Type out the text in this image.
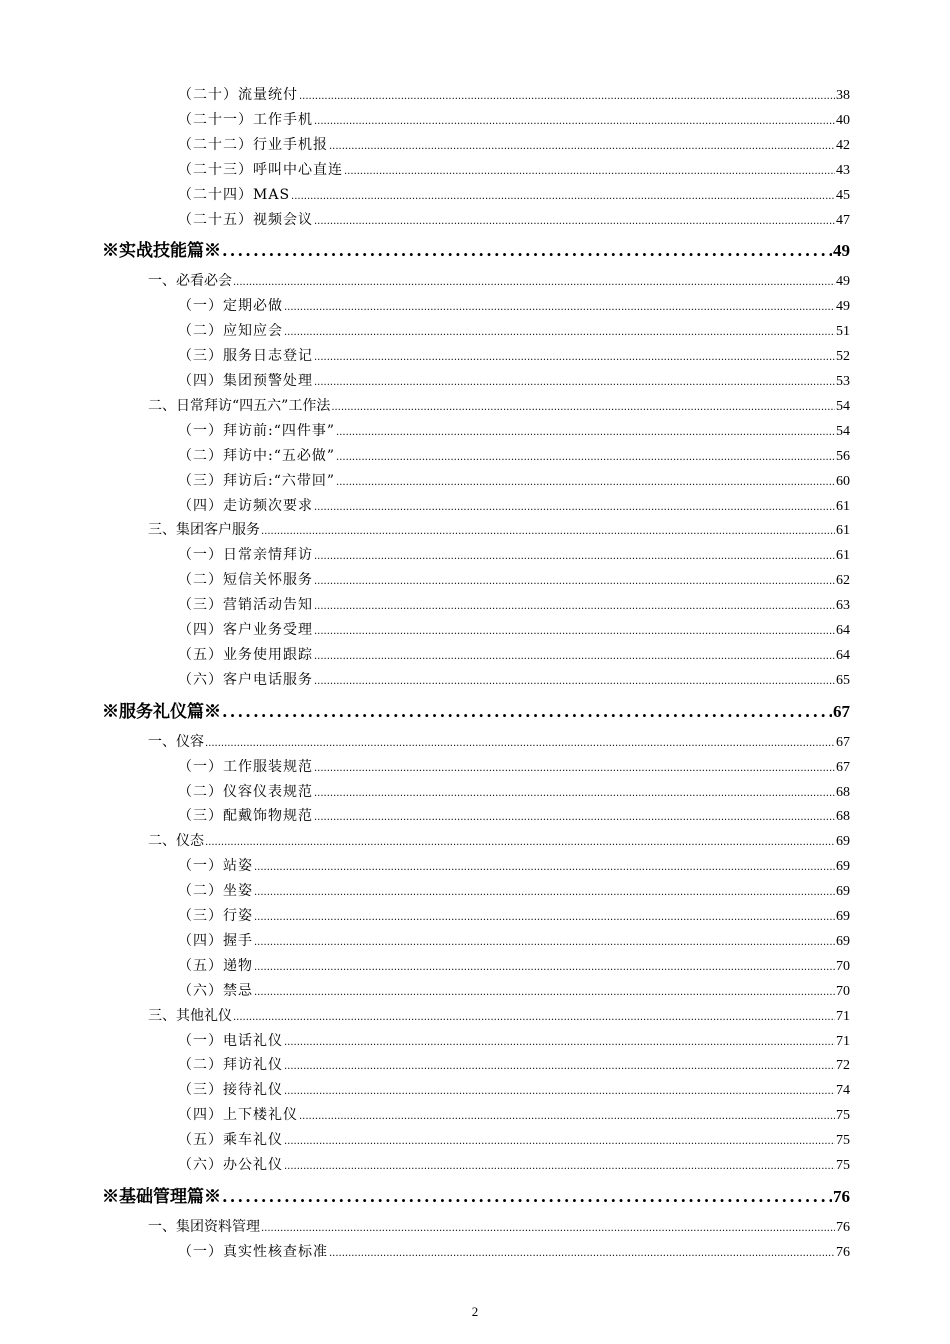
（二十）流量统付 .....	38
（二十一）工作手机 .....	40
（二十二）行业手机报 .....	42
（二十三）呼叫中心直连 .....	43
（二十四）MAS .....	45
（二十五）视频会议 .....	47
※实战技能篇※ .....	49
一、必看必会 .....	49
（一）定期必做 .....	49
（二）应知应会 .....	51
（三）服务日志登记 .....	52
（四）集团预警处理 .....	53
二、日常拜访“四五六”工作法 .....	54
（一）拜访前:“四件事” .....	54
（二）拜访中:“五必做” .....	56
（三）拜访后:“六带回” .....	60
（四）走访频次要求 .....	61
三、集团客户服务 .....	61
（一）日常亲情拜访 .....	61
（二）短信关怀服务 .....	62
（三）营销活动告知 .....	63
（四）客户业务受理 .....	64
（五）业务使用跟踪 .....	64
（六）客户电话服务 .....	65
※服务礼仪篇※ .....	67
一、仪容 .....	67
（一）工作服装规范 .....	67
（二）仪容仪表规范 .....	68
（三）配戴饰物规范 .....	68
二、仪态 .....	69
（一）站姿 .....	69
（二）坐姿 .....	69
（三）行姿 .....	69
（四）握手 .....	69
（五）递物 .....	70
（六）禁忌 .....	70
三、其他礼仪 .....	71
（一）电话礼仪 .....	71
（二）拜访礼仪 .....	72
（三）接待礼仪 .....	74
（四）上下楼礼仪 .....	75
（五）乘车礼仪 .....	75
（六）办公礼仪 .....	75
※基础管理篇※ .....	76
一、集团资料管理 .....	76
（一）真实性核查标准 .....	76
2
